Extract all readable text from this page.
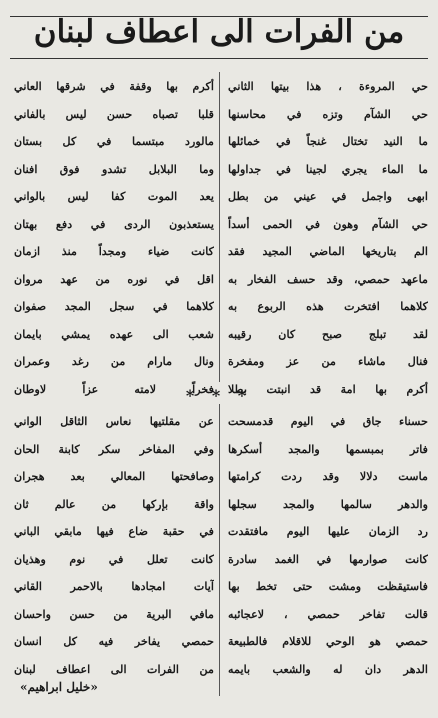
من الفرات الى اعطاف لبنان
حي المروءة ، هذا بيتها الثاني
حي الشآم وتزه في محاسنها
ما النيد تختال غنجاً في خمائلها
ما الماء يجري لجينا في جداولها
ابهى واجمل في عيني من بطل
حي الشآم وهون في الحمى أسداً
الم بتاريخها الماضي المجيد فقد
ماعهد حمصي، وقد حسف الفخار به
كلاهما افتخرت هذه الربوع به
لقد تبلج صبح كان رقيبه
فنال ماشاء من عز ومفخرة
أكرم بها امة قد انبتت بطلا
أكرم بها وقفة في شرقها العاني
قلبا تصباه حسن ليس بالفاني
مالورد مبتسما في كل بستان
وما البلابل تشدو فوق افنان
يعد الموت كفا ليس بالواني
يستعذبون الردى في دفع بهتان
كانت ضياء ومجداً منذ ازمان
اقل في نوره من عهد مروان
كلاهما في سجل المجد صفوان
شعب الى عهده يمشي بايمان
ونال مارام من رغد وعمران
فخراً لامته عزاً لاوطان
* * *
حسناء جاق في اليوم قدمسحت
فاتر بمبسمها والمجد أسكرها
ماست دلالا وقد ردت كرامتها
والدهر سالمها والمجد سجلها
رد الزمان عليها اليوم مافتقدت
كانت صوارمها في الغمد سادرة
فاستيقظت ومشت حتى تخط بها
قالت تفاخر حمصي ، لاعجائبه
حمصي هو الوحي للاقلام فالطبيعة
الدهر دان له والشعب بايمه
عن مقلتيها نعاس الثاقل الواني
وفي المفاخر سكر كابنة الحان
وصافحتها المعالي بعد هجران
واقة بإركها من عالم ثان
في حقبة ضاع فيها مابقي الباني
كانت تعلل في نوم وهذيان
آيات امجادها بالاحمر القاني
مافي البرية من حسن واحسان
حمصي يفاخر فيه كل انسان
من الفرات الى اعطاف لبنان
«خليل ابراهيم»
